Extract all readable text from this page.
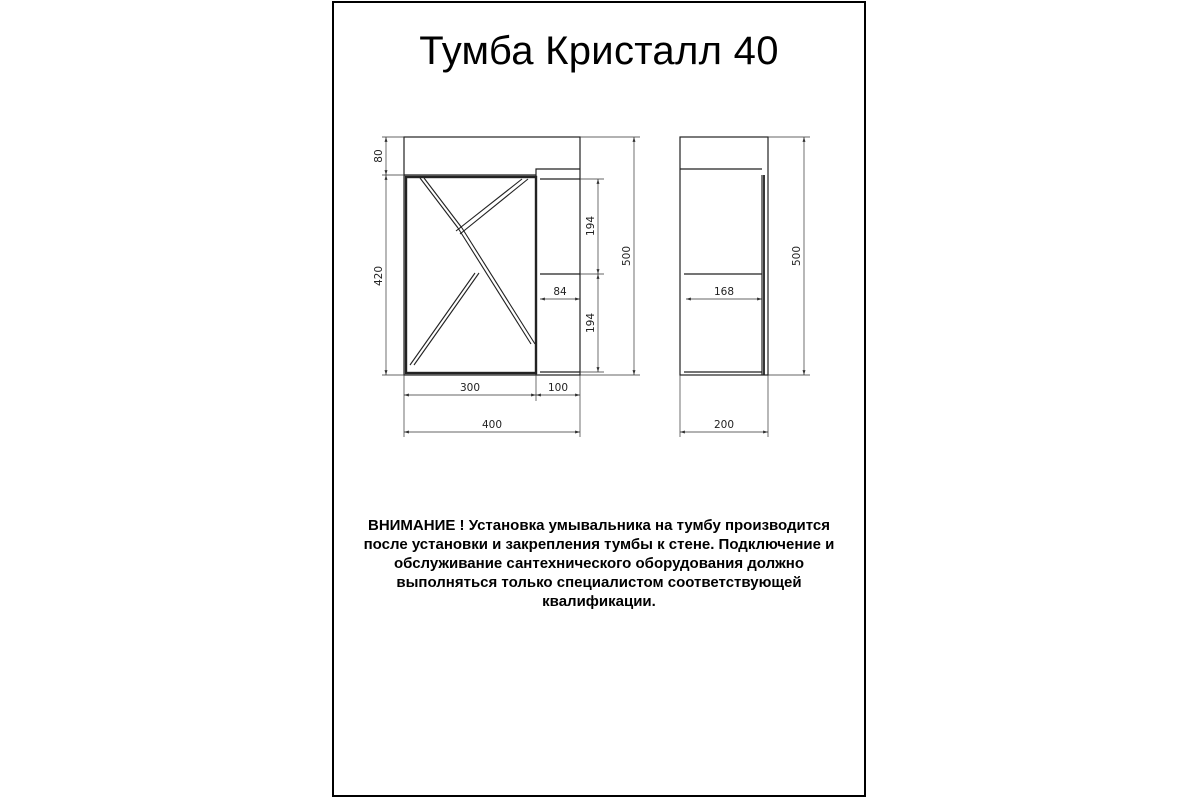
Тумба Кристалл 40
80
420
194
194
500
84
300	100
400
500
168
200
ВНИМАНИЕ ! Установка умывальника на тумбу производится после установки и закрепления тумбы к стене. Подключение и обслуживание сантехнического оборудования должно выполняться только специалистом соответствующей квалификации.
